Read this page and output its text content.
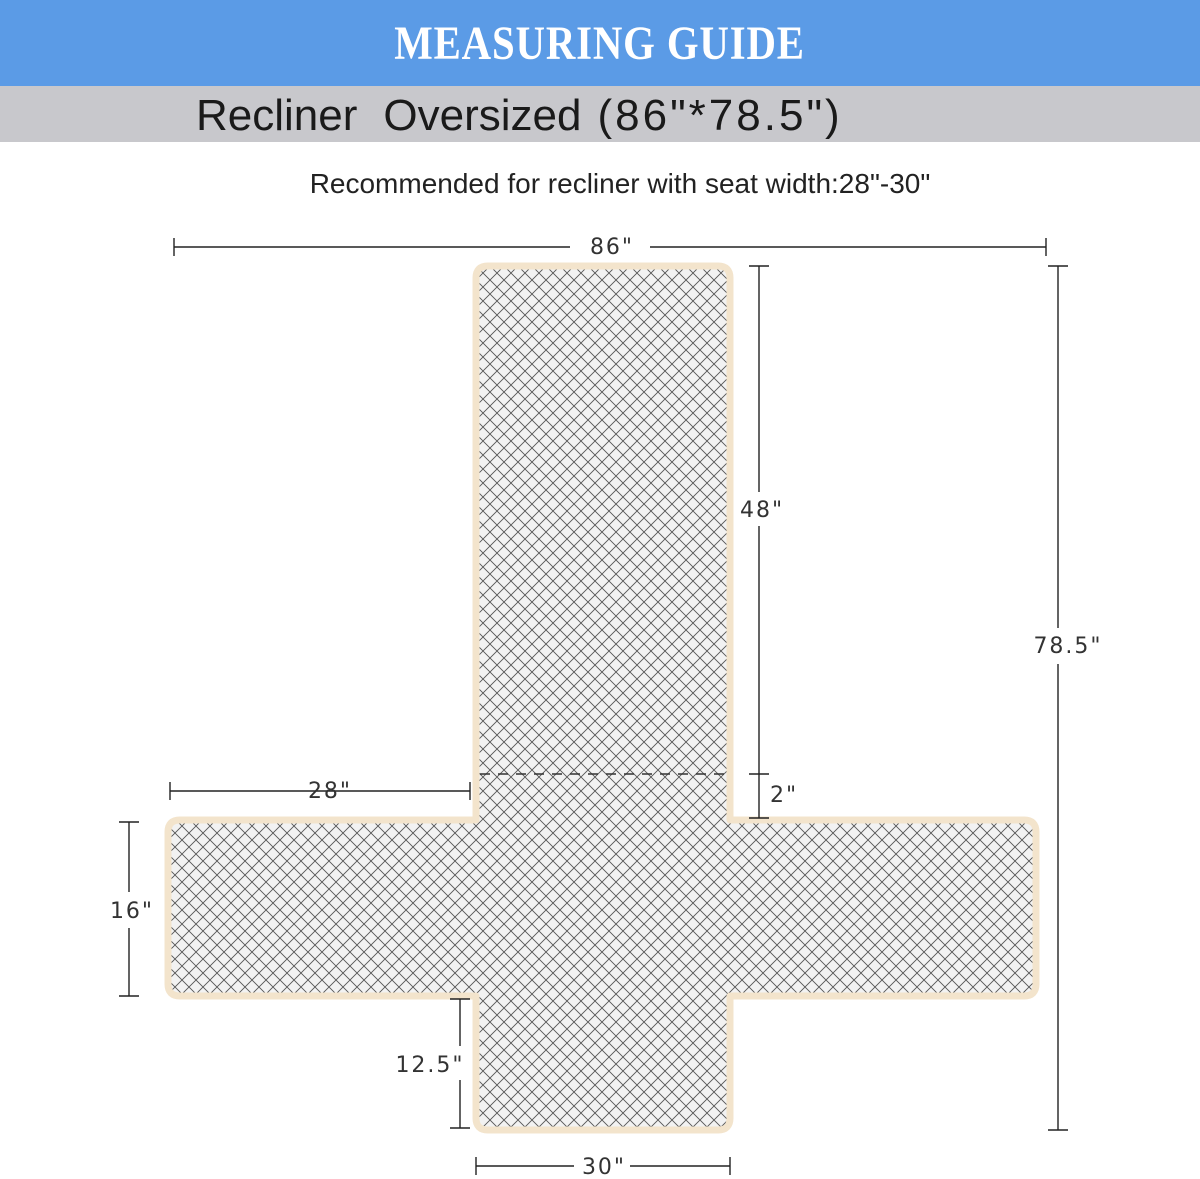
MEASURING GUIDE
Recliner Oversized (86"*78.5")
Recommended for recliner with seat width:28"-30"
86"
48"
2"
78.5"
28"
16"
12.5"
30"
